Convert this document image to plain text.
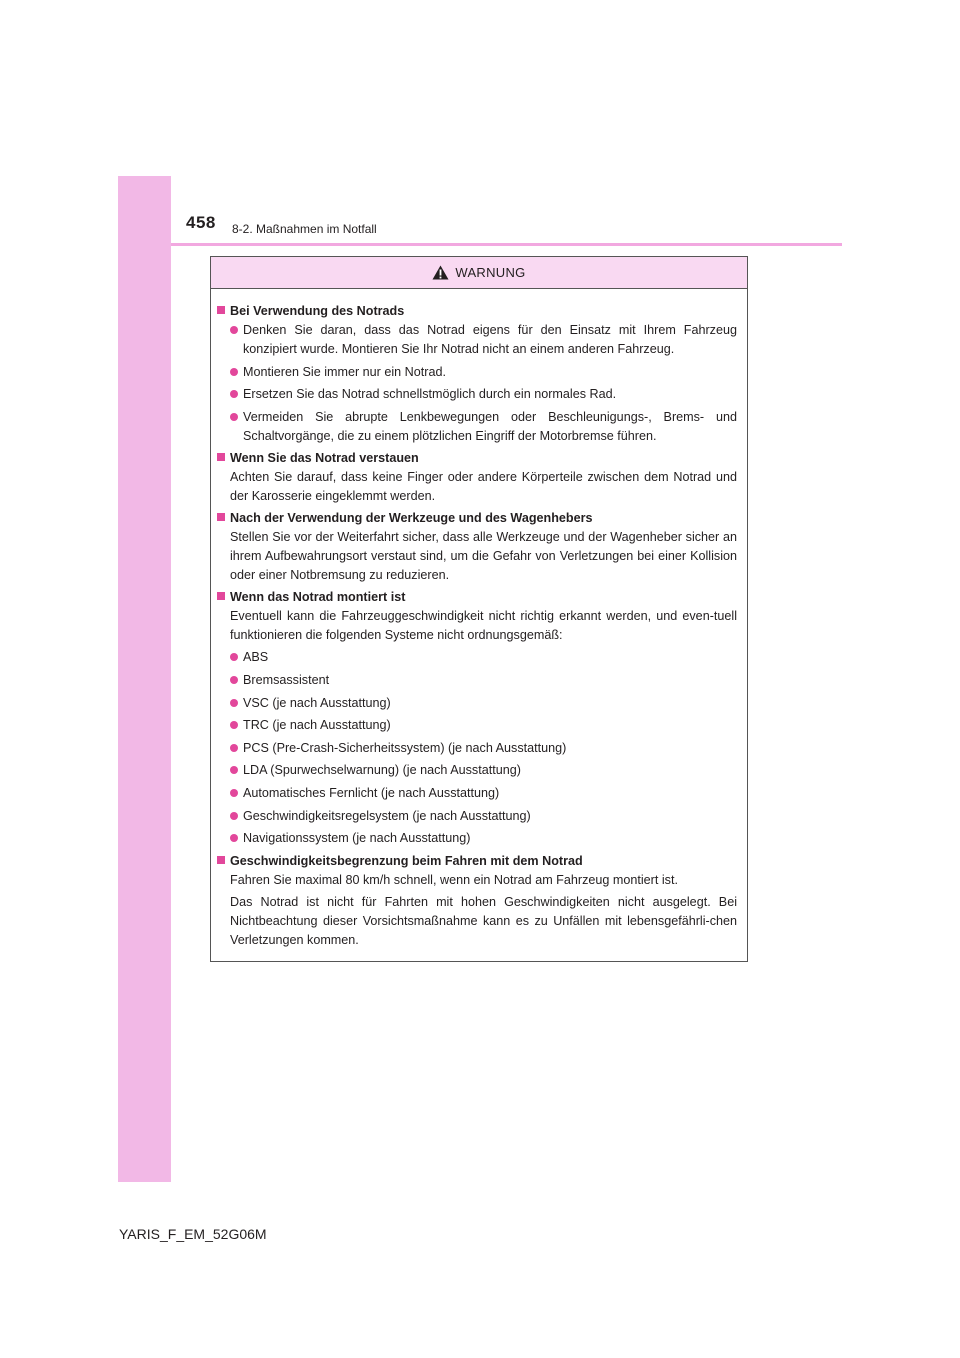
458 8-2. Maßnahmen im Notfall
WARNUNG
Bei Verwendung des Notrads
Denken Sie daran, dass das Notrad eigens für den Einsatz mit Ihrem Fahrzeug konzipiert wurde. Montieren Sie Ihr Notrad nicht an einem anderen Fahrzeug.
Montieren Sie immer nur ein Notrad.
Ersetzen Sie das Notrad schnellstmöglich durch ein normales Rad.
Vermeiden Sie abrupte Lenkbewegungen oder Beschleunigungs-, Brems- und Schaltvorgänge, die zu einem plötzlichen Eingriff der Motorbremse führen.
Wenn Sie das Notrad verstauen
Achten Sie darauf, dass keine Finger oder andere Körperteile zwischen dem Notrad und der Karosserie eingeklemmt werden.
Nach der Verwendung der Werkzeuge und des Wagenhebers
Stellen Sie vor der Weiterfahrt sicher, dass alle Werkzeuge und der Wagenheber sicher an ihrem Aufbewahrungsort verstaut sind, um die Gefahr von Verletzungen bei einer Kollision oder einer Notbremsung zu reduzieren.
Wenn das Notrad montiert ist
Eventuell kann die Fahrzeuggeschwindigkeit nicht richtig erkannt werden, und even-tuell funktionieren die folgenden Systeme nicht ordnungsgemäß:
ABS
Bremsassistent
VSC (je nach Ausstattung)
TRC (je nach Ausstattung)
PCS (Pre-Crash-Sicherheitssystem) (je nach Ausstattung)
LDA (Spurwechselwarnung) (je nach Ausstattung)
Automatisches Fernlicht (je nach Ausstattung)
Geschwindigkeitsregelsystem (je nach Ausstattung)
Navigationssystem (je nach Ausstattung)
Geschwindigkeitsbegrenzung beim Fahren mit dem Notrad
Fahren Sie maximal 80 km/h schnell, wenn ein Notrad am Fahrzeug montiert ist.
Das Notrad ist nicht für Fahrten mit hohen Geschwindigkeiten nicht ausgelegt. Bei Nichtbeachtung dieser Vorsichtsmaßnahme kann es zu Unfällen mit lebensgefährli-chen Verletzungen kommen.
YARIS_F_EM_52G06M
